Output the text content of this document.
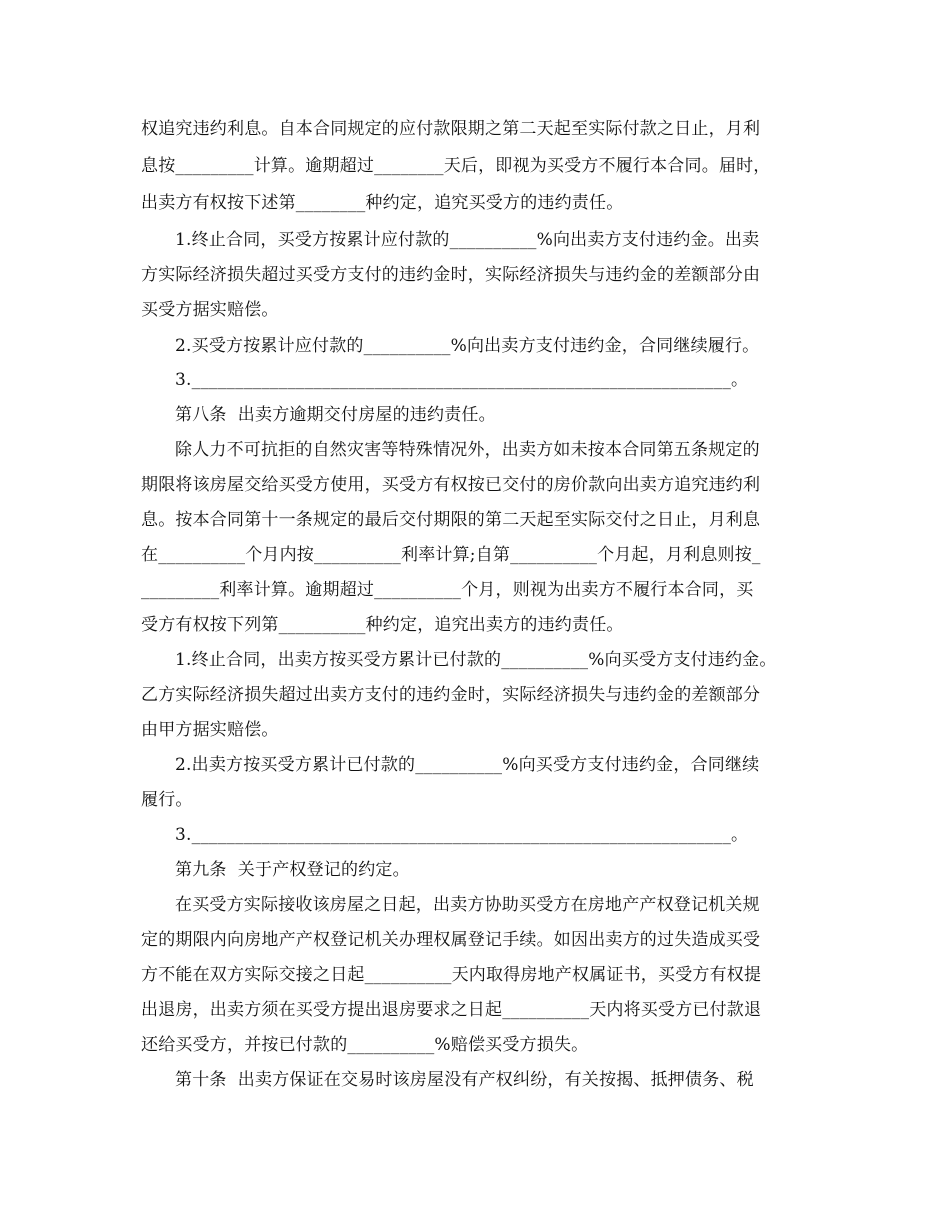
权追究违约利息。自本合同规定的应付款限期之第二天起至实际付款之日止，月利
息按_________计算。逾期超过________天后，即视为买受方不履行本合同。届时，
出卖方有权按下述第________种约定，追究买受方的违约责任。
1.终止合同，买受方按累计应付款的__________%向出卖方支付违约金。出卖
方实际经济损失超过买受方支付的违约金时，实际经济损失与违约金的差额部分由
买受方据实赔偿。
2.买受方按累计应付款的__________%向出卖方支付违约金，合同继续履行。
3.______________________________________________________________。
第八条  出卖方逾期交付房屋的违约责任。
除人力不可抗拒的自然灾害等特殊情况外，出卖方如未按本合同第五条规定的
期限将该房屋交给买受方使用，买受方有权按已交付的房价款向出卖方追究违约利
息。按本合同第十一条规定的最后交付期限的第二天起至实际交付之日止，月利息
在__________个月内按__________利率计算;自第__________个月起，月利息则按_
_________利率计算。逾期超过__________个月，则视为出卖方不履行本合同，买
受方有权按下列第__________种约定，追究出卖方的违约责任。
1.终止合同，出卖方按买受方累计已付款的__________%向买受方支付违约金。
乙方实际经济损失超过出卖方支付的违约金时，实际经济损失与违约金的差额部分
由甲方据实赔偿。
2.出卖方按买受方累计已付款的__________%向买受方支付违约金，合同继续
履行。
3.______________________________________________________________。
第九条  关于产权登记的约定。
在买受方实际接收该房屋之日起，出卖方协助买受方在房地产产权登记机关规
定的期限内向房地产产权登记机关办理权属登记手续。如因出卖方的过失造成买受
方不能在双方实际交接之日起__________天内取得房地产权属证书，买受方有权提
出退房，出卖方须在买受方提出退房要求之日起__________天内将买受方已付款退
还给买受方，并按已付款的__________%赔偿买受方损失。
第十条  出卖方保证在交易时该房屋没有产权纠纷，有关按揭、抵押债务、税
